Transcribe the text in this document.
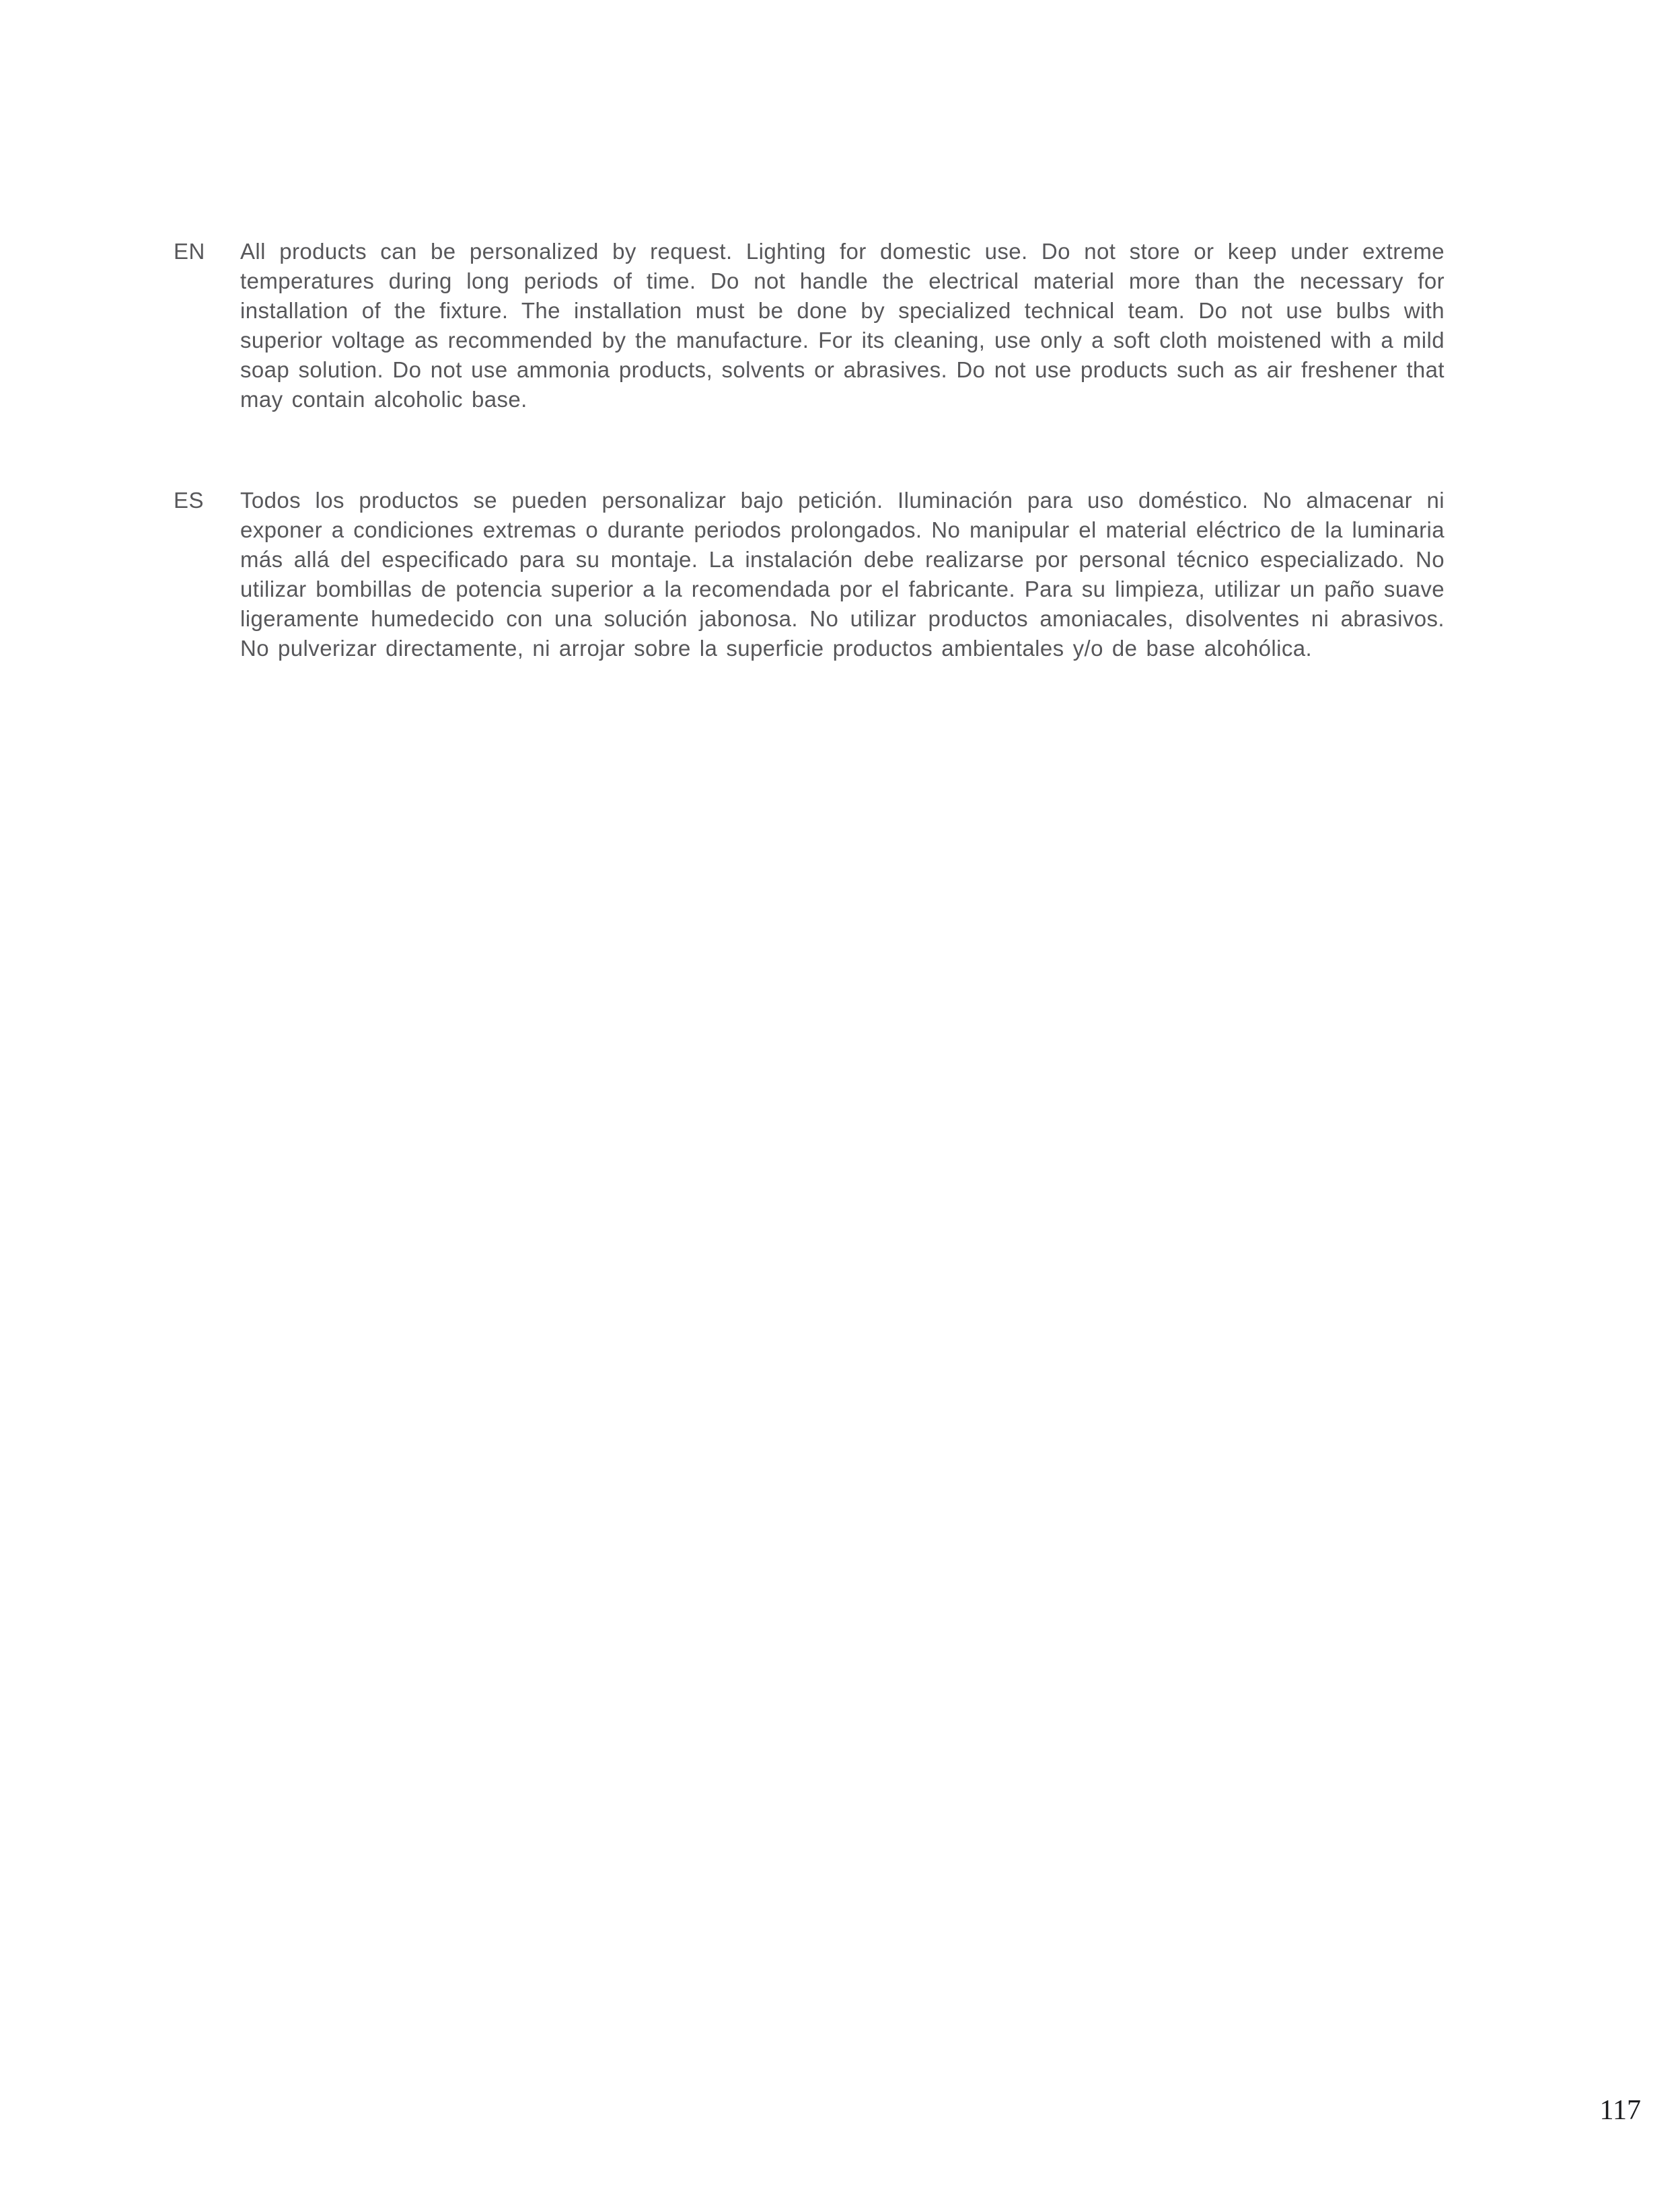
EN	All products can be personalized by request. Lighting for domestic use. Do not store or keep under extreme temperatures during long periods of time. Do not handle the electrical material more than the necessary for installation of the fixture. The installation must be done by specialized technical team. Do not use bulbs with superior voltage as recommended by the manufacture. For its cleaning, use only a soft cloth moistened with a mild soap solution. Do not use ammonia products, solvents or abrasives. Do not use products such as air freshener that may contain alcoholic base.

ES	Todos los productos se pueden personalizar bajo petición. Iluminación para uso doméstico. No almacenar ni exponer a condiciones extremas o durante periodos prolongados. No manipular el material eléctrico de la luminaria más allá del especificado para su montaje. La instalación debe realizarse por personal técnico especializado. No utilizar bombillas de potencia superior a la recomendada por el fabricante. Para su limpieza, utilizar un paño suave ligeramente humedecido con una solución jabonosa. No utilizar productos amoniacales, disolventes ni abrasivos. No pulverizar directamente, ni arrojar sobre la superficie productos ambientales y/o de base alcohólica.

117
